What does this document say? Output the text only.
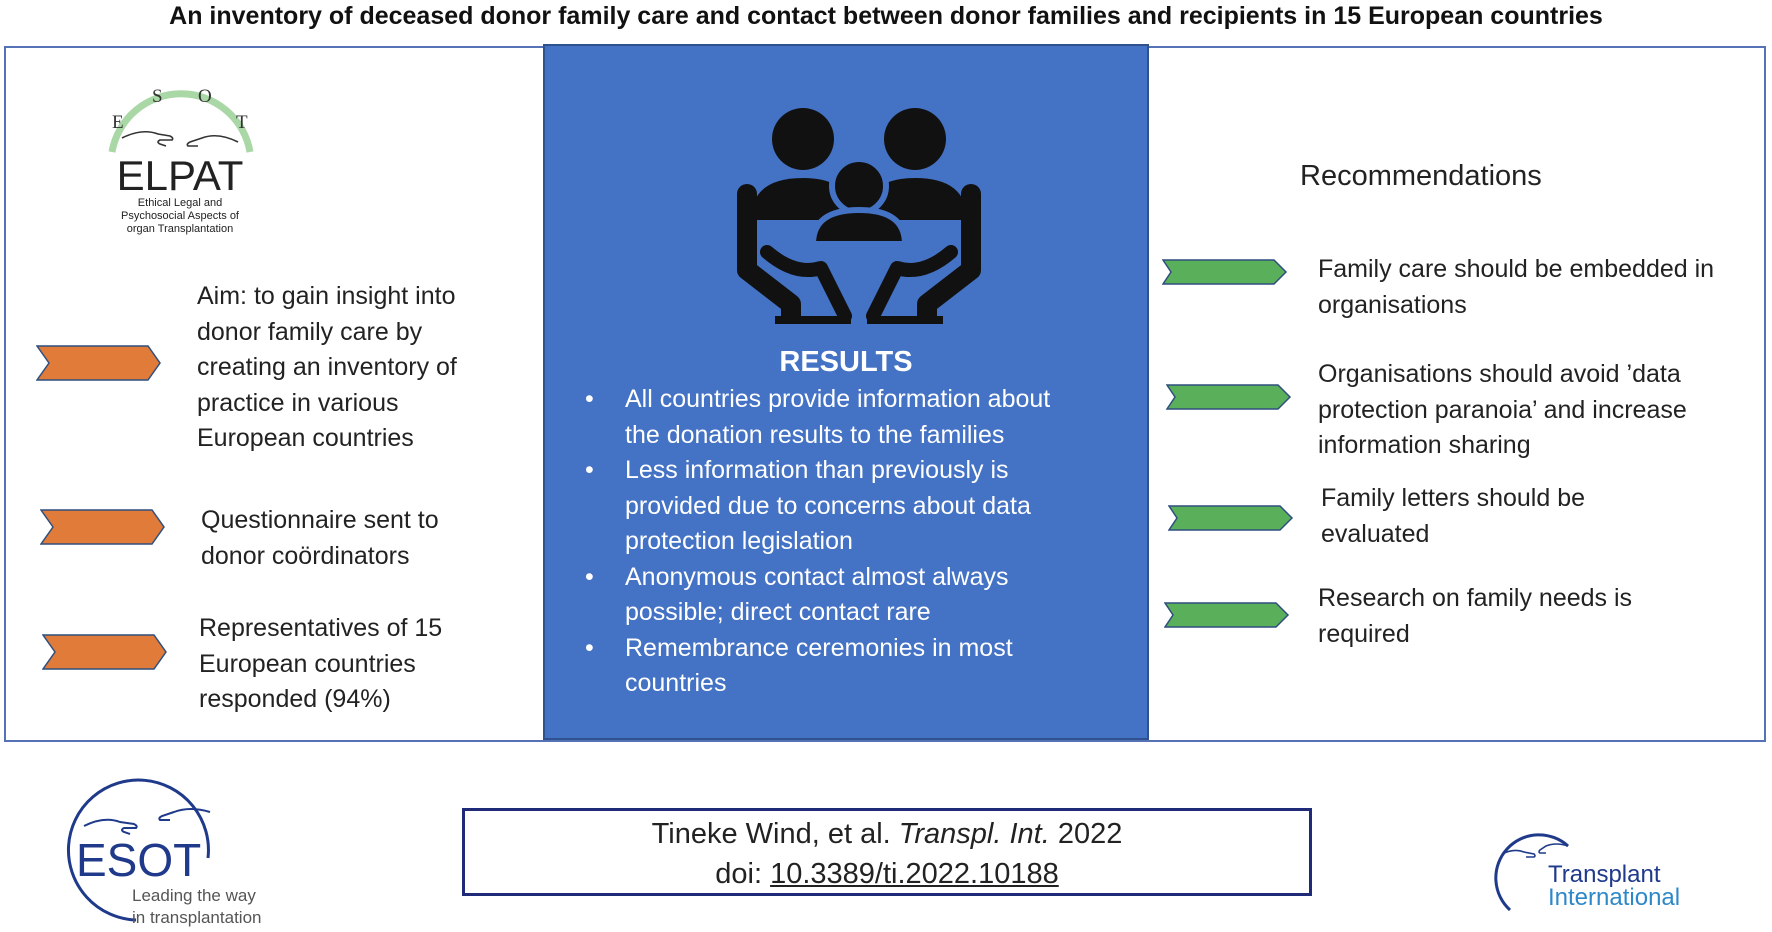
An inventory of deceased donor family care and contact between donor families and recipients in 15 European countries
E
S O
T
ELPAT
Ethical Legal and
Psychosocial Aspects of
organ Transplantation
Aim: to gain insight into
donor family care by
creating an inventory of
practice in various
European countries
Questionnaire sent to
donor coördinators
Representatives of 15
European countries
responded (94%)
RESULTS
• All countries provide information about
the donation results to the families
• Less information than previously is
provided due to concerns about data
protection legislation
• Anonymous contact almost always
possible; direct contact rare
• Remembrance ceremonies in most
countries
Recommendations
Family care should be embedded in
organisations
Organisations should avoid ’data
protection paranoia’ and increase
information sharing
Family letters should be
evaluated
Research on family needs is
required
Tineke Wind, et al. Transpl. Int. 2022
doi: 10.3389/ti.2022.10188
ESOT
Leading the way
in transplantation
Transplant
International
